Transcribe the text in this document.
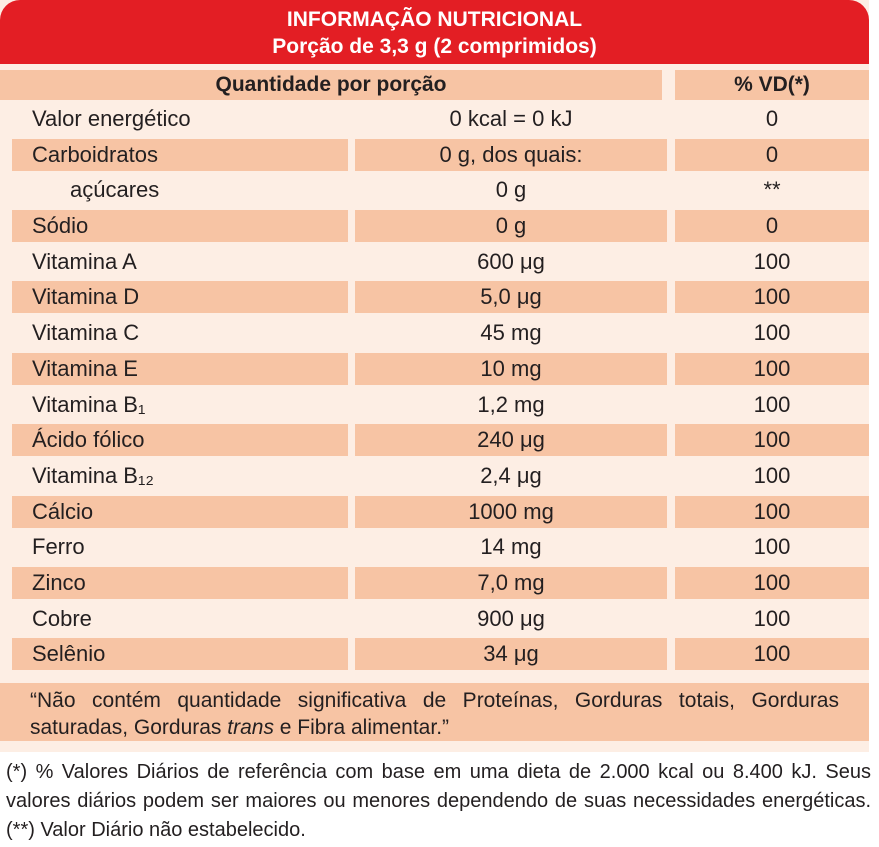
INFORMAÇÃO NUTRICIONAL
Porção de 3,3 g (2 comprimidos)
Quantidade por porção	% VD(*)
Valor energético	0 kcal = 0 kJ	0
Carboidratos	0 g, dos quais:	0
açúcares	0 g	**
Sódio	0 g	0
Vitamina A	600 μg	100
Vitamina D	5,0 μg	100
Vitamina C	45 mg	100
Vitamina E	10 mg	100
Vitamina B₁	1,2 mg	100
Ácido fólico	240 μg	100
Vitamina B₁₂	2,4 μg	100
Cálcio	1000 mg	100
Ferro	14 mg	100
Zinco	7,0 mg	100
Cobre	900 μg	100
Selênio	34 μg	100
“Não contém quantidade significativa de Proteínas, Gorduras totais, Gorduras saturadas, Gorduras trans e Fibra alimentar.”
(*) % Valores Diários de referência com base em uma dieta de 2.000 kcal ou 8.400 kJ. Seus valores diários podem ser maiores ou menores dependendo de suas necessidades energéticas. (**) Valor Diário não estabelecido.
